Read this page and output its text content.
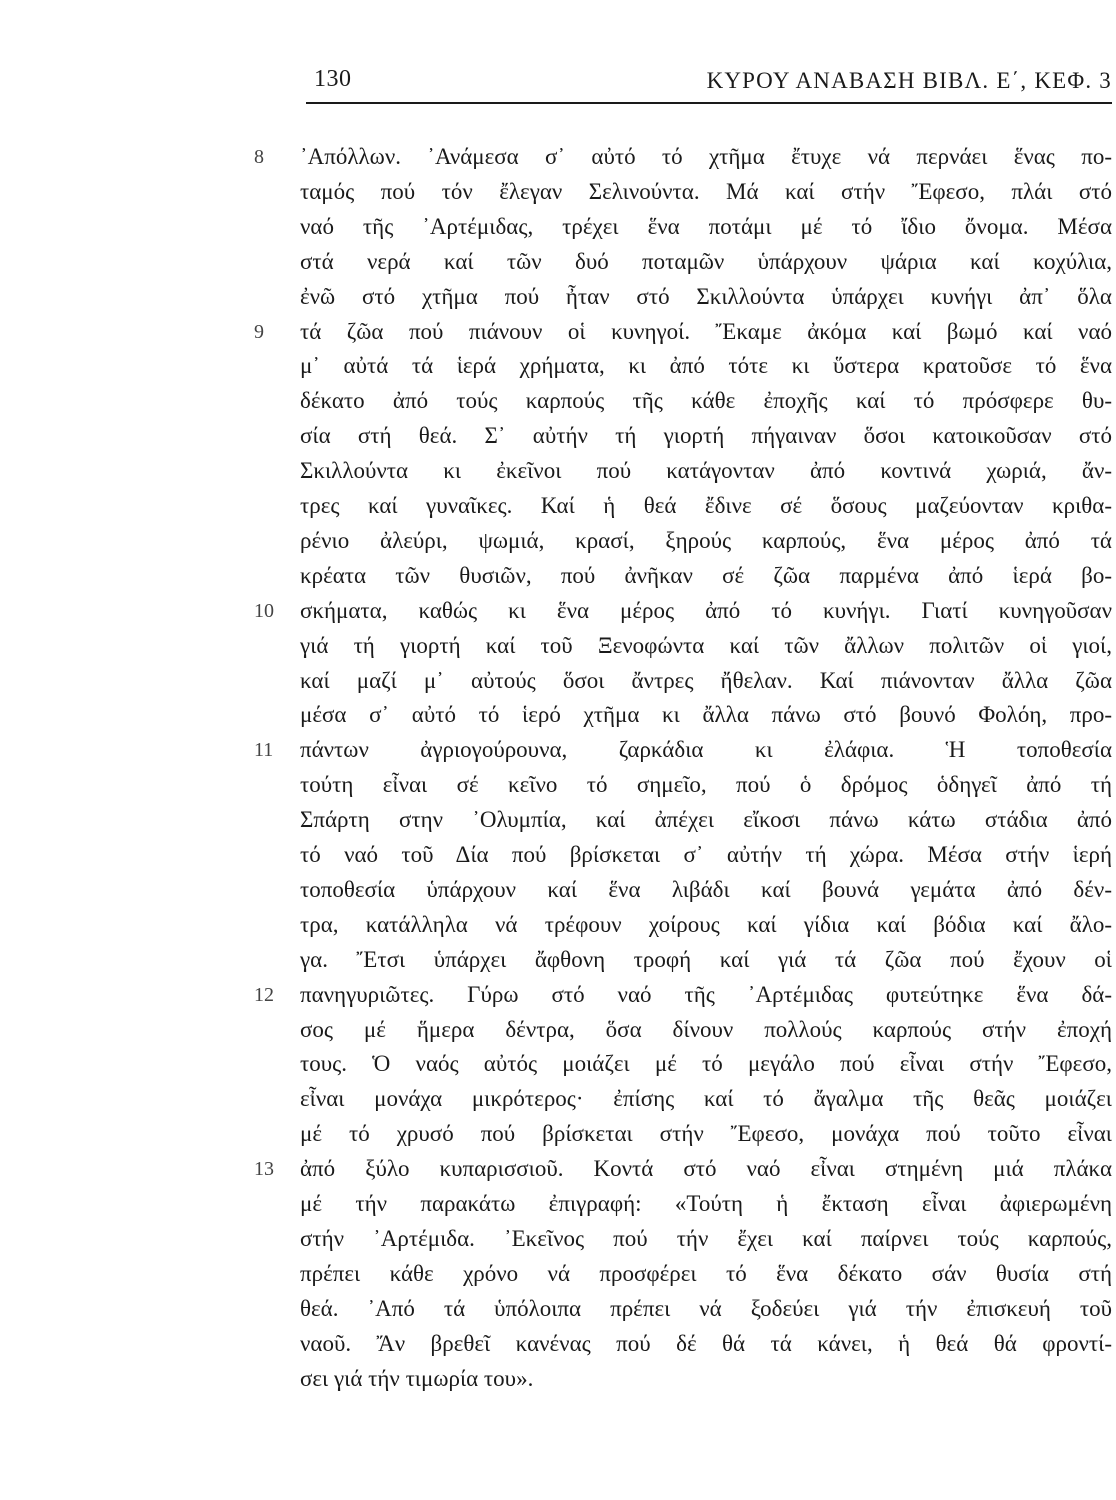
130	ΚΥΡΟΥ ΑΝΑΒΑΣΗ ΒΙΒΛ. Ε΄, ΚΕΦ. 3
8	᾿Απόλλων. ᾿Ανάμεσα σ᾿ αὐτό τό χτῆμα ἔτυχε νά περνάει ἕνας πο-
ταμός πού τόν ἔλεγαν Σελινούντα. Μά καί στήν Ἔφεσο, πλάι στό
ναό τῆς ᾿Αρτέμιδας, τρέχει ἕνα ποτάμι μέ τό ἴδιο ὄνομα. Μέσα
στά νερά καί τῶν δυό ποταμῶν ὑπάρχουν ψάρια καί κοχύλια,
ἐνῶ στό χτῆμα πού ἦταν στό Σκιλλούντα ὑπάρχει κυνήγι ἀπ᾿ ὅλα
9	τά ζῶα πού πιάνουν οἱ κυνηγοί. Ἔκαμε ἀκόμα καί βωμό καί ναό
μ᾿ αὐτά τά ἱερά χρήματα, κι ἀπό τότε κι ὕστερα κρατοῦσε τό ἕνα
δέκατο ἀπό τούς καρπούς τῆς κάθε ἐποχῆς καί τό πρόσφερε θυ-
σία στή θεά. Σ᾿ αὐτήν τή γιορτή πήγαιναν ὅσοι κατοικοῦσαν στό
Σκιλλούντα κι ἐκεῖνοι πού κατάγονταν ἀπό κοντινά χωριά, ἄν-
τρες καί γυναῖκες. Καί ἡ θεά ἔδινε σέ ὅσους μαζεύονταν κριθα-
ρένιο ἀλεύρι, ψωμιά, κρασί, ξηρούς καρπούς, ἕνα μέρος ἀπό τά
κρέατα τῶν θυσιῶν, πού ἀνῆκαν σέ ζῶα παρμένα ἀπό ἱερά βο-
10	σκήματα, καθώς κι ἕνα μέρος ἀπό τό κυνήγι. Γιατί κυνηγοῦσαν
γιά τή γιορτή καί τοῦ Ξενοφώντα καί τῶν ἄλλων πολιτῶν οἱ γιοί,
καί μαζί μ᾿ αὐτούς ὅσοι ἄντρες ἤθελαν. Καί πιάνονταν ἄλλα ζῶα
μέσα σ᾿ αὐτό τό ἱερό χτῆμα κι ἄλλα πάνω στό βουνό Φολόη, προ-
11	πάντων ἀγριογούρουνα, ζαρκάδια κι ἐλάφια. Ἡ τοποθεσία
τούτη εἶναι σέ κεῖνο τό σημεῖο, πού ὁ δρόμος ὁδηγεῖ ἀπό τή
Σπάρτη στην ᾿Ολυμπία, καί ἀπέχει εἴκοσι πάνω κάτω στάδια ἀπό
τό ναό τοῦ Δία πού βρίσκεται σ᾿ αὐτήν τή χώρα. Μέσα στήν ἱερή
τοποθεσία ὑπάρχουν καί ἕνα λιβάδι καί βουνά γεμάτα ἀπό δέν-
τρα, κατάλληλα νά τρέφουν χοίρους καί γίδια καί βόδια καί ἄλο-
γα. Ἔτσι ὑπάρχει ἄφθονη τροφή καί γιά τά ζῶα πού ἔχουν οἱ
12	πανηγυριῶτες. Γύρω στό ναό τῆς ᾿Αρτέμιδας φυτεύτηκε ἕνα δά-
σος μέ ἥμερα δέντρα, ὅσα δίνουν πολλούς καρπούς στήν ἐποχή
τους. Ὁ ναός αὐτός μοιάζει μέ τό μεγάλο πού εἶναι στήν Ἔφεσο,
εἶναι μονάχα μικρότερος· ἐπίσης καί τό ἄγαλμα τῆς θεᾶς μοιάζει
μέ τό χρυσό πού βρίσκεται στήν Ἔφεσο, μονάχα πού τοῦτο εἶναι
13	ἀπό ξύλο κυπαρισσιοῦ. Κοντά στό ναό εἶναι στημένη μιά πλάκα
μέ τήν παρακάτω ἐπιγραφή: «Τούτη ἡ ἔκταση εἶναι ἀφιερωμένη
στήν ᾿Αρτέμιδα. ᾿Εκεῖνος πού τήν ἔχει καί παίρνει τούς καρπούς,
πρέπει κάθε χρόνο νά προσφέρει τό ἕνα δέκατο σάν θυσία στή
θεά. ᾿Από τά ὑπόλοιπα πρέπει νά ξοδεύει γιά τήν ἐπισκευή τοῦ
ναοῦ. Ἄν βρεθεῖ κανένας πού δέ θά τά κάνει, ἡ θεά θά φροντί-
σει γιά τήν τιμωρία του».
